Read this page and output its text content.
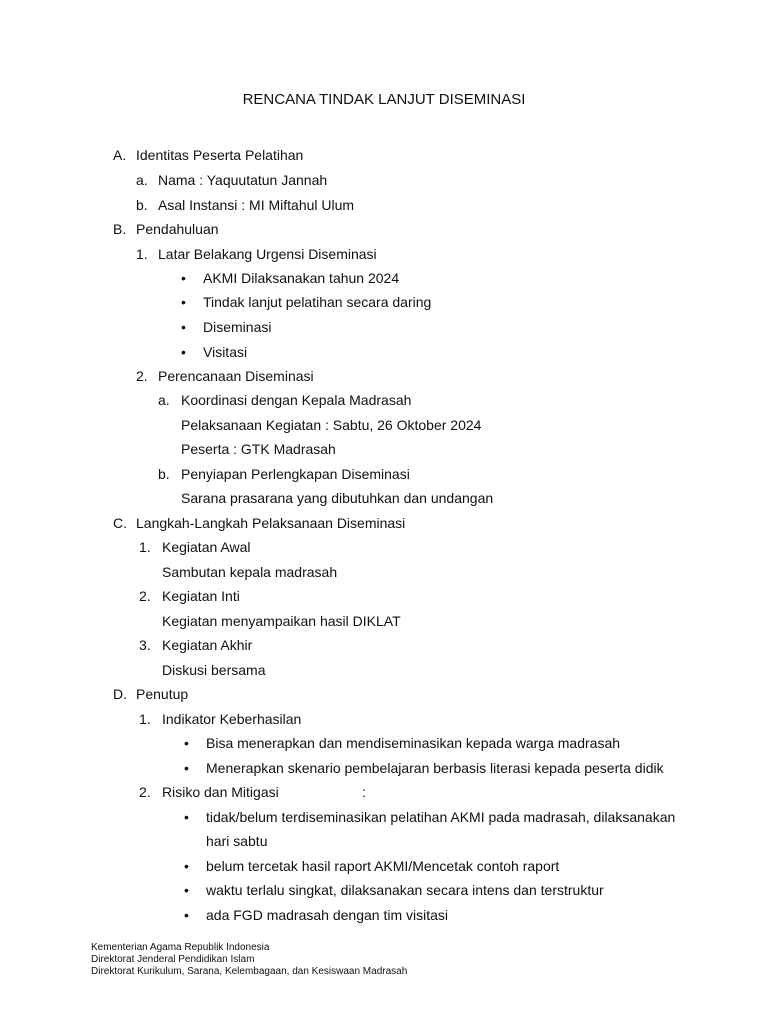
RENCANA TINDAK LANJUT DISEMINASI
A. Identitas Peserta Pelatihan
a. Nama : Yaquutatun Jannah
b. Asal Instansi : MI Miftahul Ulum
B. Pendahuluan
1. Latar Belakang Urgensi Diseminasi
• AKMI Dilaksanakan tahun 2024
• Tindak lanjut pelatihan secara daring
• Diseminasi
• Visitasi
2. Perencanaan Diseminasi
a. Koordinasi dengan Kepala Madrasah
Pelaksanaan Kegiatan : Sabtu, 26 Oktober 2024
Peserta : GTK Madrasah
b. Penyiapan Perlengkapan Diseminasi
Sarana prasarana yang dibutuhkan dan undangan
C. Langkah-Langkah Pelaksanaan Diseminasi
1. Kegiatan Awal
Sambutan kepala madrasah
2. Kegiatan Inti
Kegiatan menyampaikan hasil DIKLAT
3. Kegiatan Akhir
Diskusi bersama
D. Penutup
1. Indikator Keberhasilan
• Bisa menerapkan dan mendiseminasikan kepada warga madrasah
• Menerapkan skenario pembelajaran berbasis literasi kepada peserta didik
2. Risiko dan Mitigasi	:
• tidak/belum terdiseminasikan pelatihan AKMI pada madrasah, dilaksanakan
hari sabtu
• belum tercetak hasil raport AKMI/Mencetak contoh raport
• waktu terlalu singkat, dilaksanakan secara intens dan terstruktur
• ada FGD madrasah dengan tim visitasi
Kementerian Agama Republik Indonesia
Direktorat Jenderal Pendidikan Islam
Direktorat Kurikulum, Sarana, Kelembagaan, dan Kesiswaan Madrasah
